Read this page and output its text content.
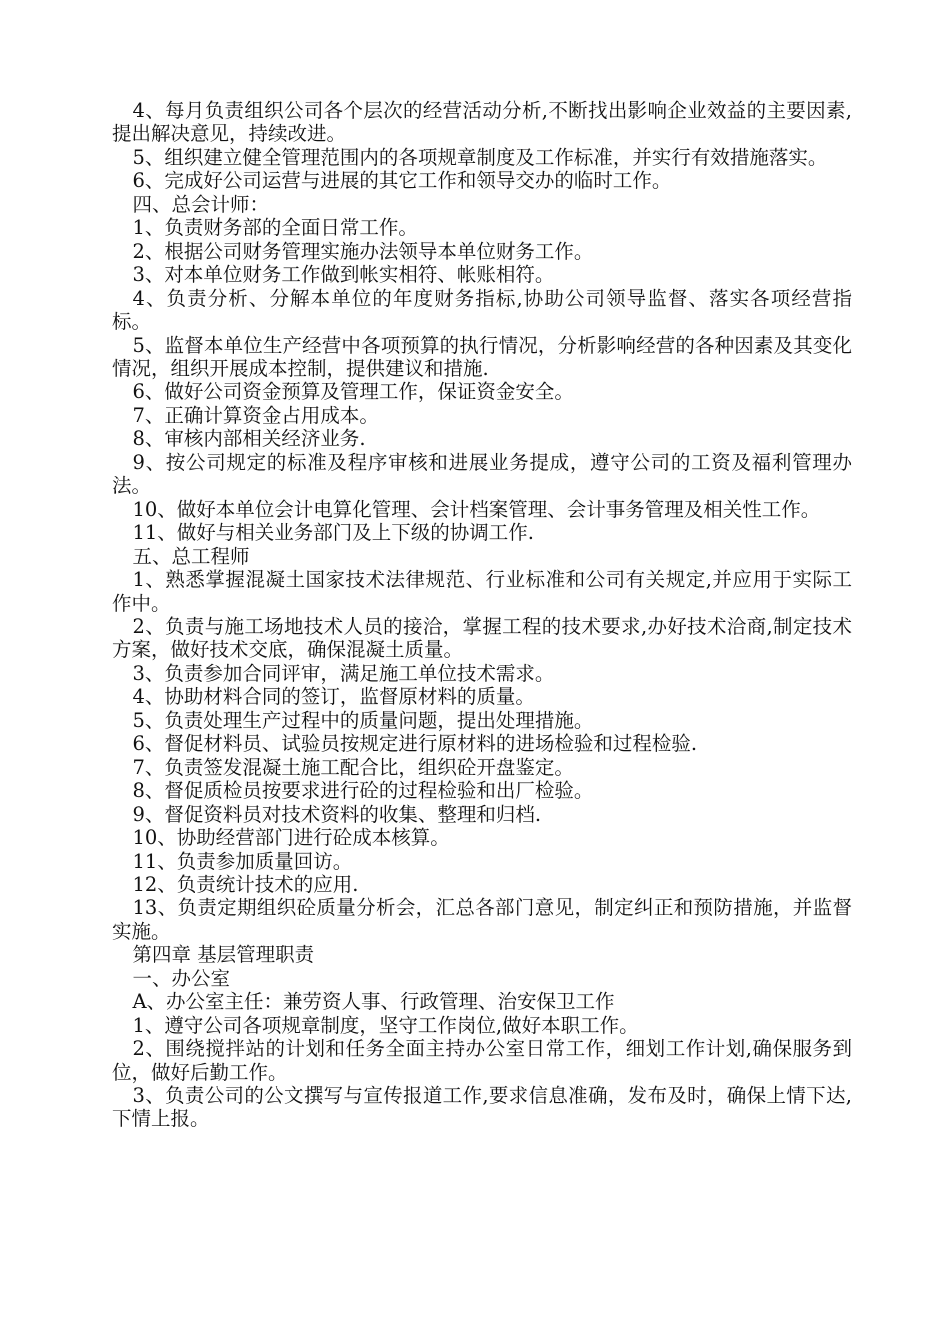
4、每月负责组织公司各个层次的经营活动分析,不断找出影响企业效益的主要因素,提出解决意见，持续改进。

5、组织建立健全管理范围内的各项规章制度及工作标准，并实行有效措施落实。

6、完成好公司运营与进展的其它工作和领导交办的临时工作。

四、总会计师：

1、负责财务部的全面日常工作。

2、根据公司财务管理实施办法领导本单位财务工作。

3、对本单位财务工作做到帐实相符、帐账相符。

4、负责分析、分解本单位的年度财务指标,协助公司领导监督、落实各项经营指标。

5、监督本单位生产经营中各项预算的执行情况，分析影响经营的各种因素及其变化情况，组织开展成本控制，提供建议和措施.

6、做好公司资金预算及管理工作，保证资金安全。

7、正确计算资金占用成本。

8、审核内部相关经济业务.

9、按公司规定的标准及程序审核和进展业务提成，遵守公司的工资及福利管理办法。

10、做好本单位会计电算化管理、会计档案管理、会计事务管理及相关性工作。

11、做好与相关业务部门及上下级的协调工作.

五、总工程师

1、熟悉掌握混凝土国家技术法律规范、行业标准和公司有关规定,并应用于实际工作中。

2、负责与施工场地技术人员的接洽，掌握工程的技术要求,办好技术洽商,制定技术方案，做好技术交底，确保混凝土质量。

3、负责参加合同评审，满足施工单位技术需求。

4、协助材料合同的签订，监督原材料的质量。

5、负责处理生产过程中的质量问题，提出处理措施。

6、督促材料员、试验员按规定进行原材料的进场检验和过程检验.

7、负责签发混凝土施工配合比，组织砼开盘鉴定。

8、督促质检员按要求进行砼的过程检验和出厂检验。

9、督促资料员对技术资料的收集、整理和归档.

10、协助经营部门进行砼成本核算。

11、负责参加质量回访。

12、负责统计技术的应用.

13、负责定期组织砼质量分析会，汇总各部门意见，制定纠正和预防措施，并监督实施。

第四章 基层管理职责

一、办公室

A、办公室主任：兼劳资人事、行政管理、治安保卫工作

1、遵守公司各项规章制度，坚守工作岗位,做好本职工作。

2、围绕搅拌站的计划和任务全面主持办公室日常工作，细划工作计划,确保服务到位，做好后勤工作。

3、负责公司的公文撰写与宣传报道工作,要求信息准确，发布及时，确保上情下达,下情上报。
